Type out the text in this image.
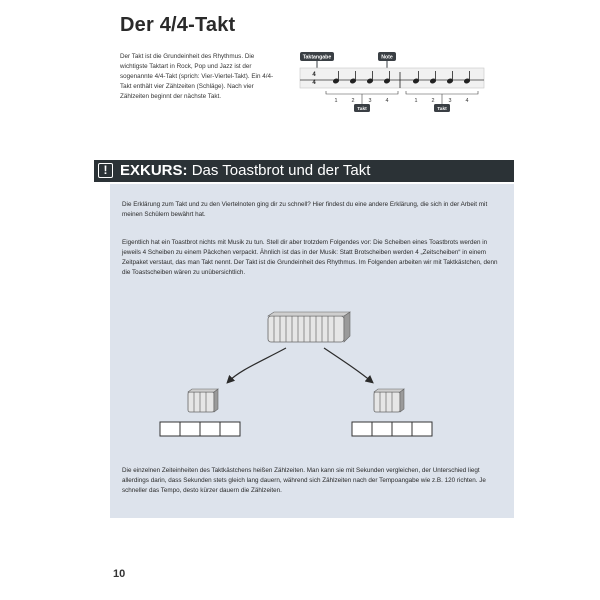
Der 4/4-Takt
Der Takt ist die Grundeinheit des Rhythmus. Die wichtigste Taktart in Rock, Pop und Jazz ist der sogenannte 4/4-Takt (sprich: Vier-Viertel-Takt). Ein 4/4-Takt enthält vier Zählzeiten (Schläge). Nach vier Zählzeiten beginnt der nächste Takt.
Taktangabe	Note
4
4
1	2	3	4	1	2	3	4
Takt	Takt
! EXKURS: Das Toastbrot und der Takt
Die Erklärung zum Takt und zu den Viertelnoten ging dir zu schnell? Hier findest du eine andere Erklärung, die sich in der Arbeit mit meinen Schülern bewährt hat.
Eigentlich hat ein Toastbrot nichts mit Musik zu tun. Stell dir aber trotzdem Folgendes vor: Die Scheiben eines Toastbrots werden in jeweils 4 Scheiben zu einem Päckchen verpackt. Ähnlich ist das in der Musik: Statt Brotscheiben werden 4 „Zeitscheiben“ in einem Zeitpaket verstaut, das man Takt nennt. Der Takt ist die Grundeinheit des Rhythmus. Im Folgenden arbeiten wir mit Taktkästchen, denn die Toastscheiben wären zu unübersichtlich.
Die einzelnen Zeiteinheiten des Taktkästchens heißen Zählzeiten. Man kann sie mit Sekunden vergleichen, der Unterschied liegt allerdings darin, dass Sekunden stets gleich lang dauern, während sich Zählzeiten nach der Tempoangabe wie z.B. 120 richten. Je schneller das Tempo, desto kürzer dauern die Zählzeiten.
10
